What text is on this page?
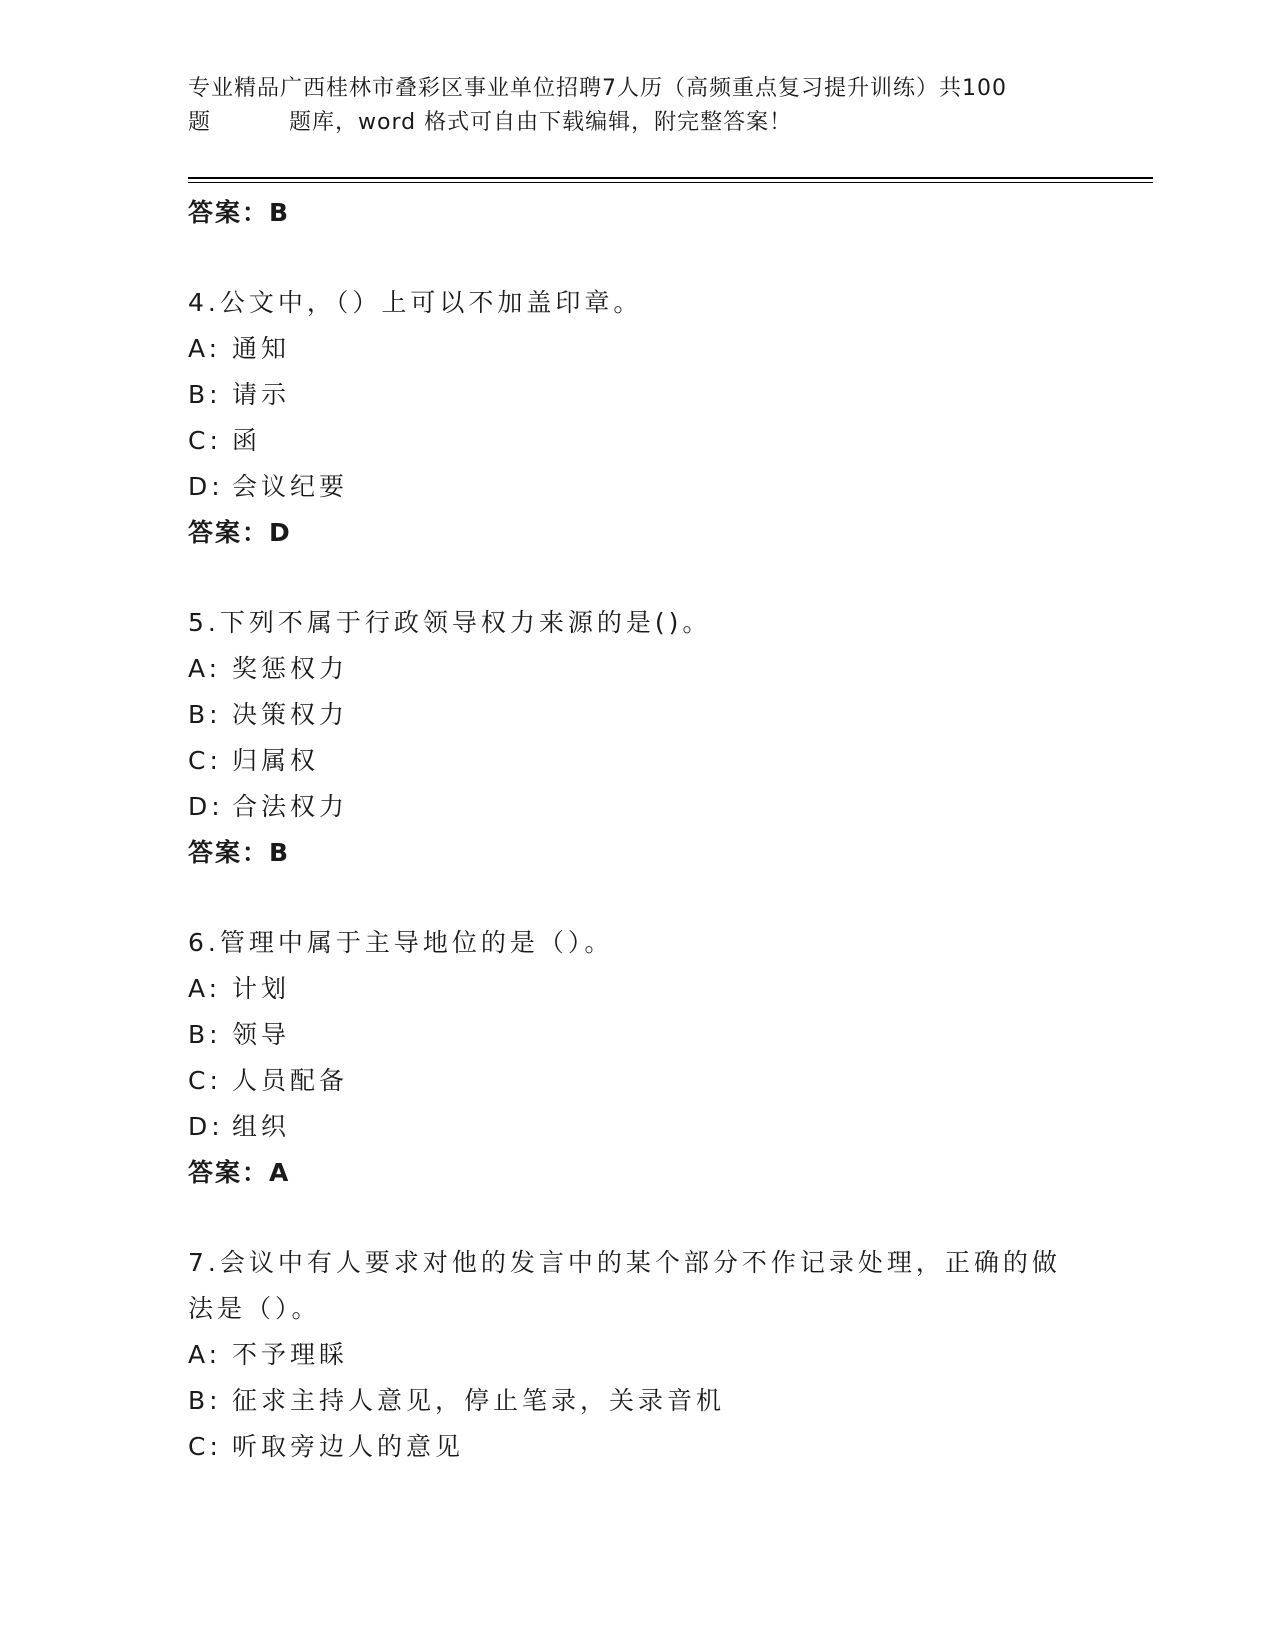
专业精品广西桂林市叠彩区事业单位招聘7人历（高频重点复习提升训练）共100
题	题库，word 格式可自由下载编辑，附完整答案！
答案：B
4.公文中，（）上可以不加盖印章。
A: 通知
B: 请示
C: 函
D: 会议纪要
答案：D
5.下列不属于行政领导权力来源的是()。
A: 奖惩权力
B: 决策权力
C: 归属权
D: 合法权力
答案：B
6.管理中属于主导地位的是（）。
A: 计划
B: 领导
C: 人员配备
D: 组织
答案：A
7.会议中有人要求对他的发言中的某个部分不作记录处理，正确的做法是（）。
A: 不予理睬
B: 征求主持人意见，停止笔录，关录音机
C: 听取旁边人的意见
